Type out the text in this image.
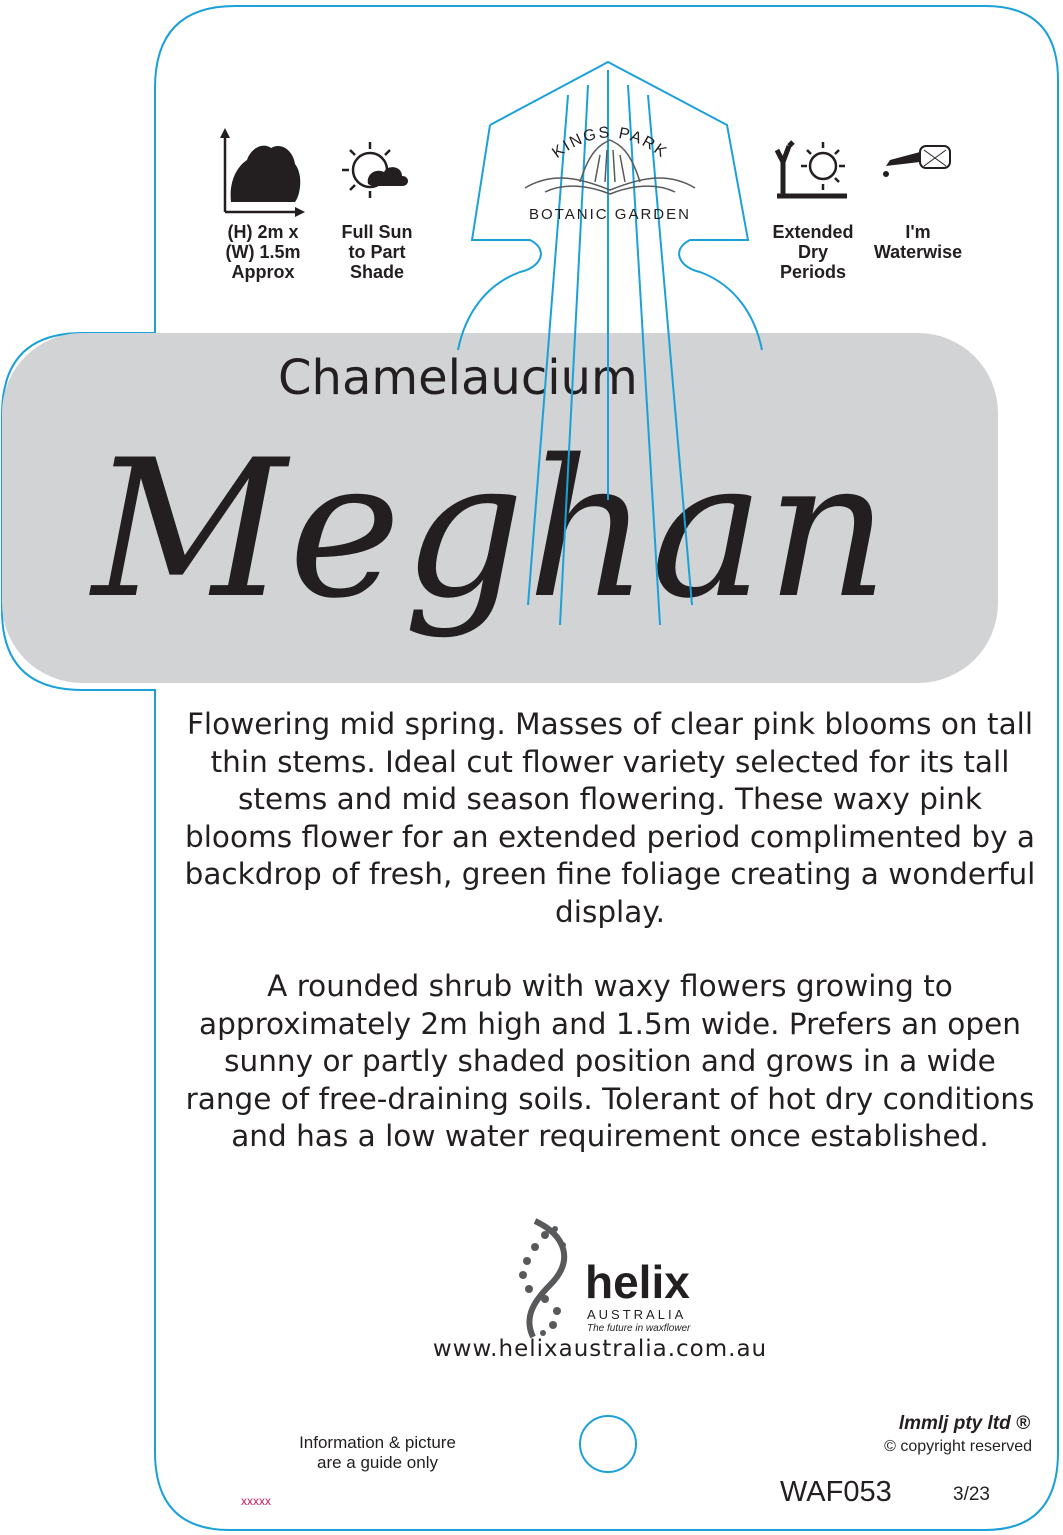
(H) 2m x
(W) 1.5m
Approx
Full Sun
to Part
Shade
Extended
Dry
Periods
I'm
Waterwise
Chamelaucium
Meghan
KINGS PARK
BOTANIC GARDEN
Flowering mid spring. Masses of clear pink blooms on tall thin stems. Ideal cut flower variety selected for its tall stems and mid season flowering. These waxy pink blooms flower for an extended period complimented by a backdrop of fresh, green fine foliage creating a wonderful display.
A rounded shrub with waxy flowers growing to approximately 2m high and 1.5m wide. Prefers an open sunny or partly shaded position and grows in a wide range of free-draining soils. Tolerant of hot dry conditions and has a low water requirement once established.
helix
AUSTRALIA
The future in waxflower
www.helixaustralia.com.au
Information & picture
are a guide only
xxxxx
lmmlj pty ltd ®
© copyright reserved
WAF053	3/23
